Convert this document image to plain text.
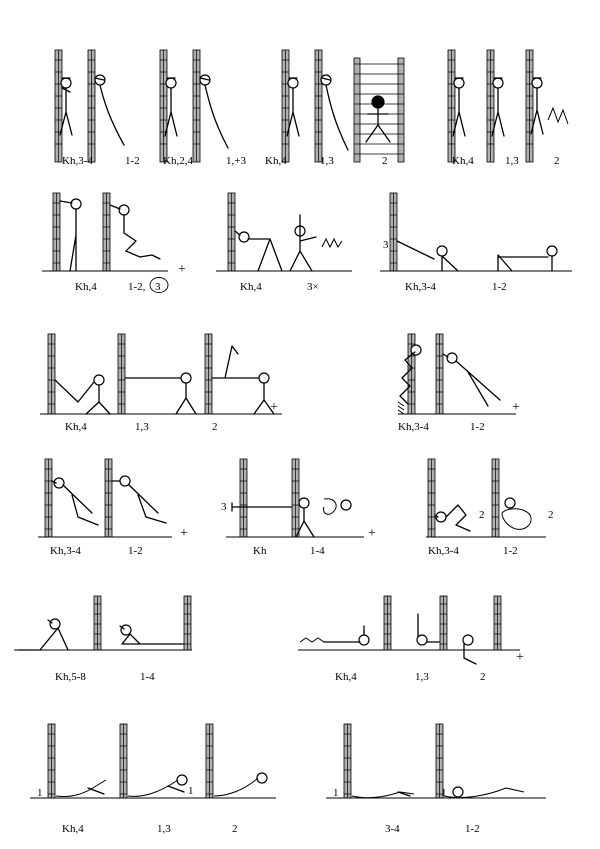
+
+	+
+	+
+
Kh,3-4	1-2 Kh,2,4	1,+3 Kh,4	1,3	2	Kh,4	1,3	2
Kh,4	1-2, 3	Kh,4	3×	Kh,3-4	1-2
3
Kh,4	1,3	2	Kh,3-4	1-2
Kh,3-4	1-2	Kh	1-4	Kh,3-4	1-2
3
2	2
Kh,5-8	1-4	Kh,4	1,3	2
Kh,4	1,3	2	3-4	1-2
1	1	1	1
